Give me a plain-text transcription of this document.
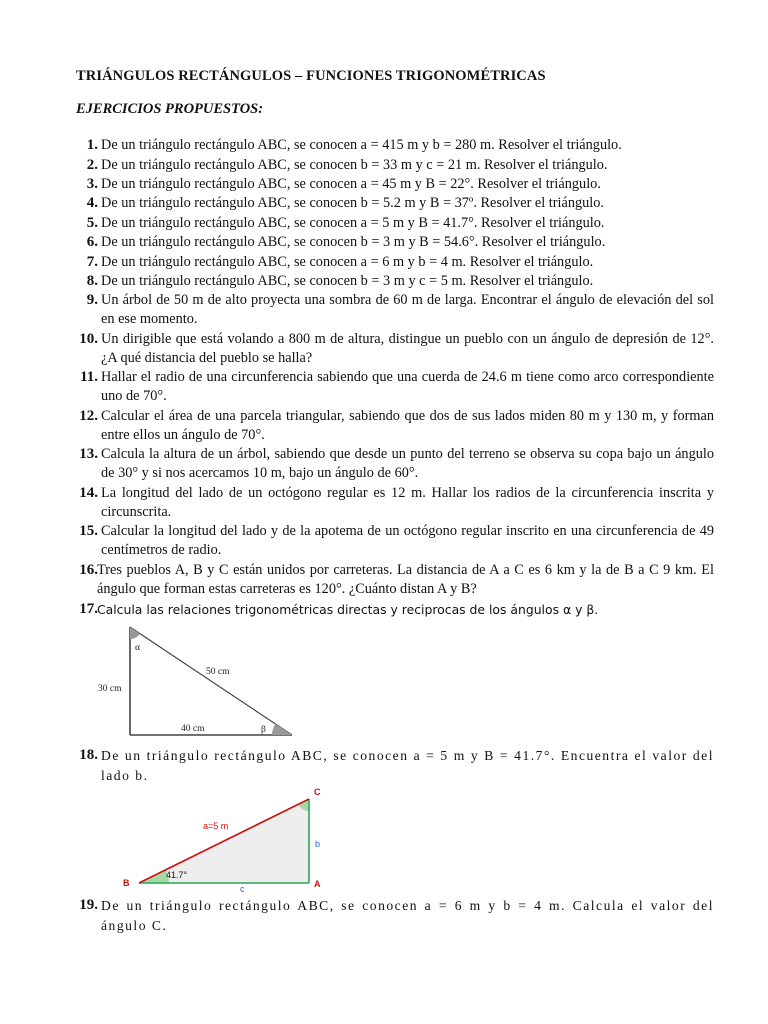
TRIÁNGULOS RECTÁNGULOS – FUNCIONES TRIGONOMÉTRICAS
EJERCICIOS PROPUESTOS:
1. De un triángulo rectángulo ABC, se conocen a = 415 m y b = 280 m. Resolver el triángulo.
2. De un triángulo rectángulo ABC, se conocen b = 33 m y c = 21 m. Resolver el triángulo.
3. De un triángulo rectángulo ABC, se conocen a = 45 m y B = 22°. Resolver el triángulo.
4. De un triángulo rectángulo ABC, se conocen b = 5.2 m y B = 37º. Resolver el triángulo.
5. De un triángulo rectángulo ABC, se conocen a = 5 m y B = 41.7°. Resolver el triángulo.
6. De un triángulo rectángulo ABC, se conocen b = 3 m y B = 54.6°. Resolver el triángulo.
7. De un triángulo rectángulo ABC, se conocen a = 6 m y b = 4 m. Resolver el triángulo.
8. De un triángulo rectángulo ABC, se conocen b = 3 m y c = 5 m. Resolver el triángulo.
9. Un árbol de 50 m de alto proyecta una sombra de 60 m de larga. Encontrar el ángulo de elevación del sol en ese momento.
10. Un dirigible que está volando a 800 m de altura, distingue un pueblo con un ángulo de depresión de 12°. ¿A qué distancia del pueblo se halla?
11. Hallar el radio de una circunferencia sabiendo que una cuerda de 24.6 m tiene como arco correspondiente uno de 70°.
12. Calcular el área de una parcela triangular, sabiendo que dos de sus lados miden 80 m y 130 m, y forman entre ellos un ángulo de 70°.
13. Calcula la altura de un árbol, sabiendo que desde un punto del terreno se observa su copa bajo un ángulo de 30° y si nos acercamos 10 m, bajo un ángulo de 60°.
14. La longitud del lado de un octógono regular es 12 m. Hallar los radios de la circunferencia inscrita y circunscrita.
15. Calcular la longitud del lado y de la apotema de un octógono regular inscrito en una circunferencia de 49 centímetros de radio.
16. Tres pueblos A, B y C están unidos por carreteras. La distancia de A a C es 6 km y la de B a C 9 km. El ángulo que forman estas carreteras es 120°. ¿Cuánto distan A y B?
17. Calcula las relaciones trigonométricas directas y reciprocas de los ángulos α y β.
α
β
50 cm
30 cm
40 cm
18. De un triángulo rectángulo ABC, se conocen a = 5 m y B = 41.7°. Encuentra el valor del lado b.
B
C
A
a=5 m
b
c
41.7°
19. De un triángulo rectángulo ABC, se conocen a = 6 m y b = 4 m. Calcula el valor del ángulo C.
